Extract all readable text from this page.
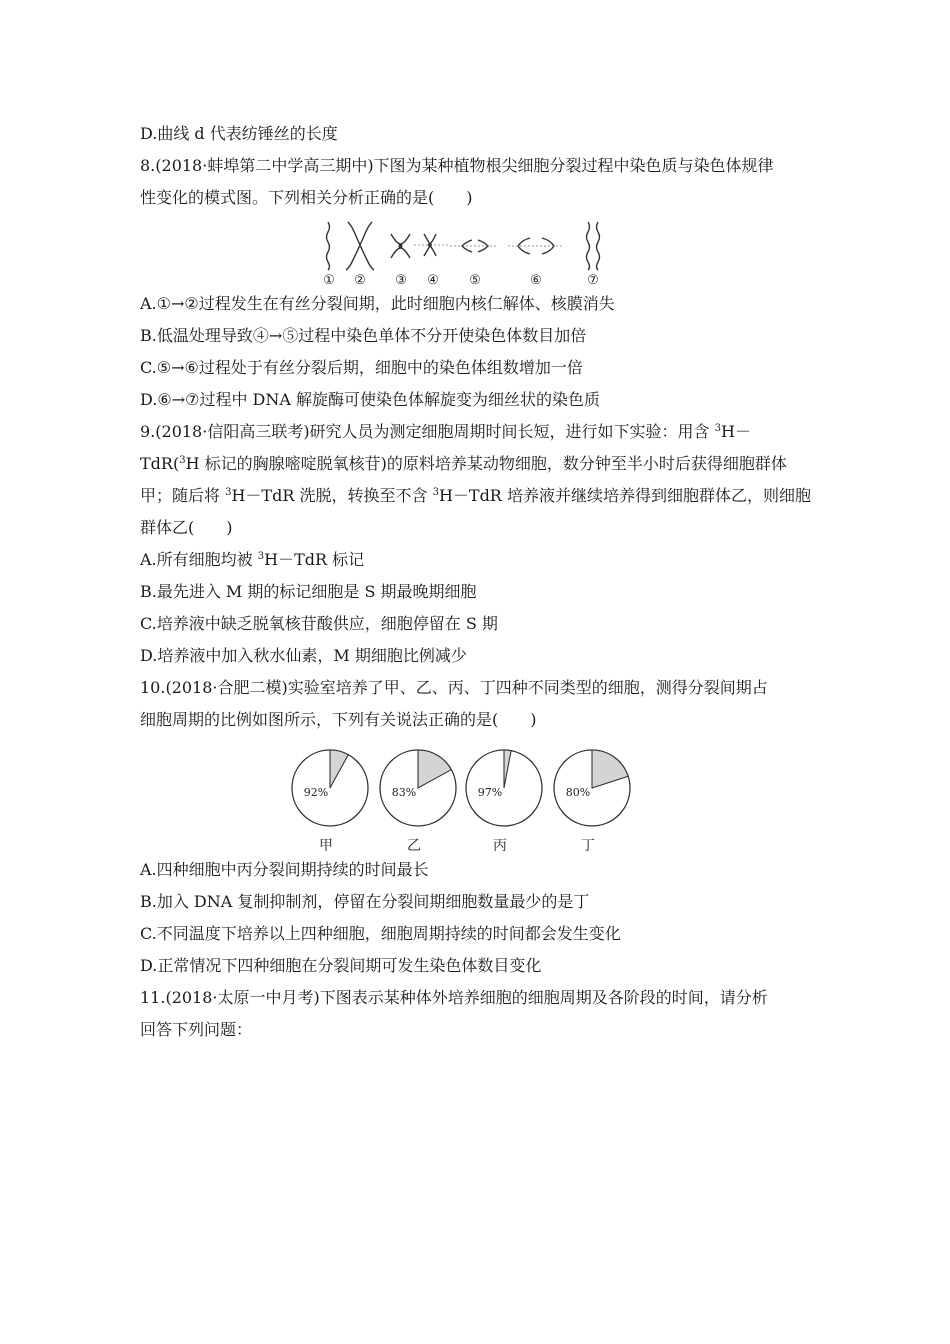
D.曲线 d 代表纺锤丝的长度
8.(2018·蚌埠第二中学高三期中)下图为某种植物根尖细胞分裂过程中染色质与染色体规律
性变化的模式图。下列相关分析正确的是(　　)
① ② ③ ④ ⑤	⑥	⑦
A.①→②过程发生在有丝分裂间期，此时细胞内核仁解体、核膜消失
B.低温处理导致④→⑤过程中染色单体不分开使染色体数目加倍
C.⑤→⑥过程处于有丝分裂后期，细胞中的染色体组数增加一倍
D.⑥→⑦过程中 DNA 解旋酶可使染色体解旋变为细丝状的染色质
9.(2018·信阳高三联考)研究人员为测定细胞周期时间长短，进行如下实验：用含 $^3$H－
TdR($^3$H 标记的胸腺嘧啶脱氧核苷)的原料培养某动物细胞，数分钟至半小时后获得细胞群体
甲；随后将 $^3$H－TdR 洗脱，转换至不含 $^3$H－TdR 培养液并继续培养得到细胞群体乙，则细胞
群体乙(　　)
A.所有细胞均被 $^3$H－TdR 标记
B.最先进入 M 期的标记细胞是 S 期最晚期细胞
C.培养液中缺乏脱氧核苷酸供应，细胞停留在 S 期
D.培养液中加入秋水仙素，M 期细胞比例减少
10.(2018·合肥二模)实验室培养了甲、乙、丙、丁四种不同类型的细胞，测得分裂间期占
细胞周期的比例如图所示，下列有关说法正确的是(　　)
92%
甲
83%
乙
97%
丙
80%
丁
A.四种细胞中丙分裂间期持续的时间最长
B.加入 DNA 复制抑制剂，停留在分裂间期细胞数量最少的是丁
C.不同温度下培养以上四种细胞，细胞周期持续的时间都会发生变化
D.正常情况下四种细胞在分裂间期可发生染色体数目变化
11.(2018·太原一中月考)下图表示某种体外培养细胞的细胞周期及各阶段的时间，请分析
回答下列问题：
